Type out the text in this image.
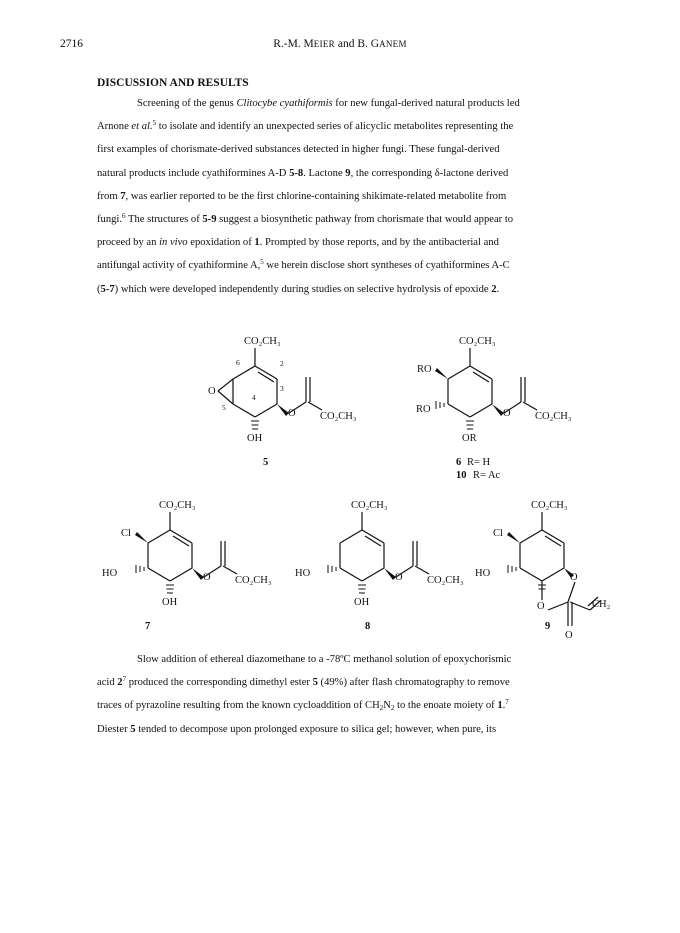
2716	R.-M. MEIER and B. GANEM
DISCUSSION AND RESULTS
Screening of the genus Clitocybe cyathiformis for new fungal-derived natural products led
Arnone et al.$^5$ to isolate and identify an unexpected series of alicyclic metabolites representing the
first examples of chorismate-derived substances detected in higher fungi. These fungal-derived
natural products include cyathiformines A-D 5-8. Lactone 9, the corresponding δ-lactone derived
from 7, was earlier reported to be the first chlorine-containing shikimate-related metabolite from
fungi.$^6$ The structures of 5-9 suggest a biosynthetic pathway from chorismate that would appear to
proceed by an in vivo epoxidation of 1. Prompted by those reports, and by the antibacterial and
antifungal activity of cyathiformine A,$^5$ we herein disclose short syntheses of cyathiformines A-C
(5-7) which were developed independently during studies on selective hydrolysis of epoxide 2.
CO₂CH₃
6	2
3
4
5
O
O CO₂CH₃
OH
5
CO₂CH₃
RO
RO	O CO₂CH₃
OR
6 R= H
10 R= Ac
CO₂CH₃
Cl
HO	O CO₂CH₃
OH
7
CO₂CH₃
HO	O CO₂CH₃
OH
8
CO₂CH₃
Cl
HO	O
O	CH₂
O
9
Slow addition of ethereal diazomethane to a -78ºC methanol solution of epoxychorismic
acid $2^7$ produced the corresponding dimethyl ester 5 (49%) after flash chromatography to remove
traces of pyrazoline resulting from the known cycloaddition of $CH_2N_2$ to the enoate moiety of 1.$^7$
Diester 5 tended to decompose upon prolonged exposure to silica gel; however, when pure, its
